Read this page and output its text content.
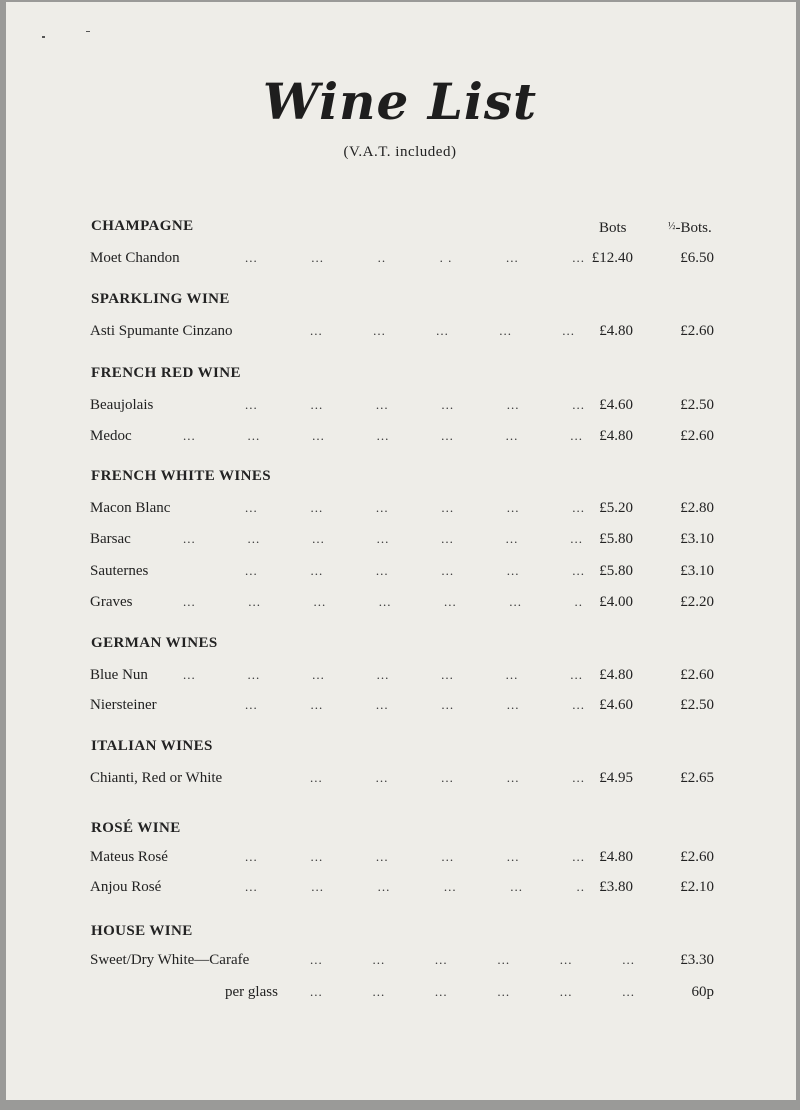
Wine List
(V.A.T. included)
Bots	$^{\frac{1}{2}}$-Bots.
CHAMPAGNE
Moet Chandon	...	...	..	. .	...	... £12.40	£6.50
SPARKLING WINE
Asti Spumante Cinzano	...	...	...	...	...	£4.80	£2.60
FRENCH RED WINE
Beaujolais	...	...	...	...	...	... £4.60	£2.50
Medoc	...	...	...	...	...	...	...	£4.80	£2.60
FRENCH WHITE WINES
Macon Blanc	...	...	...	...	...	... £5.20	£2.80
Barsac	...	...	...	...	...	...	...	£5.80	£3.10
Sauternes	...	...	...	...	...	... £5.80	£3.10
Graves	...	...	...	...	...	...	..	£4.00	£2.20
GERMAN WINES
Blue Nun	...	...	...	...	...	...	...	£4.80	£2.60
Niersteiner	...	...	...	...	...	... £4.60	£2.50
ITALIAN WINES
Chianti, Red or White	...	...	...	...	... £4.95	£2.65
ROSÉ WINE
Mateus Rosé	...	...	...	...	...	... £4.80	£2.60
Anjou Rosé	...	...	...	...	...	.. £3.80	£2.10
HOUSE WINE
Sweet/Dry White—Carafe	...	...	...	...	...	...	£3.30
per glass ...	...	...	...	...	...	60p
